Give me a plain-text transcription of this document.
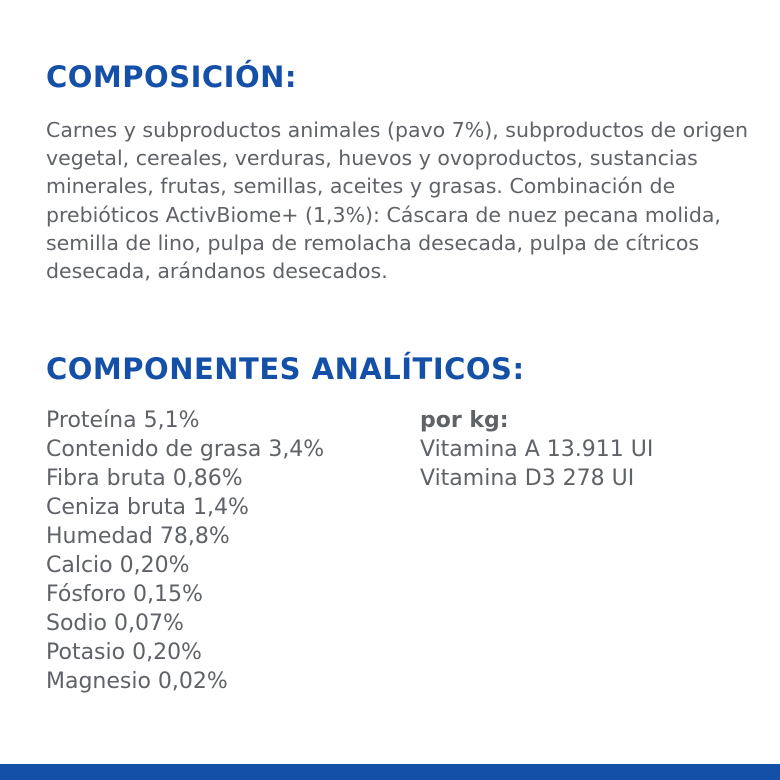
COMPOSICIÓN:

Carnes y subproductos animales (pavo 7%), subproductos de origen vegetal, cereales, verduras, huevos y ovoproductos, sustancias minerales, frutas, semillas, aceites y grasas. Combinación de prebióticos ActivBiome+ (1,3%): Cáscara de nuez pecana molida, semilla de lino, pulpa de remolacha desecada, pulpa de cítricos desecada, arándanos desecados.

COMPONENTES ANALÍTICOS:
Proteína 5,1%
Contenido de grasa 3,4%
Fibra bruta 0,86%
Ceniza bruta 1,4%
Humedad 78,8%
Calcio 0,20%
Fósforo 0,15%
Sodio 0,07%
Potasio 0,20%
Magnesio 0,02%
por kg:
Vitamina A 13.911 UI
Vitamina D3 278 UI
